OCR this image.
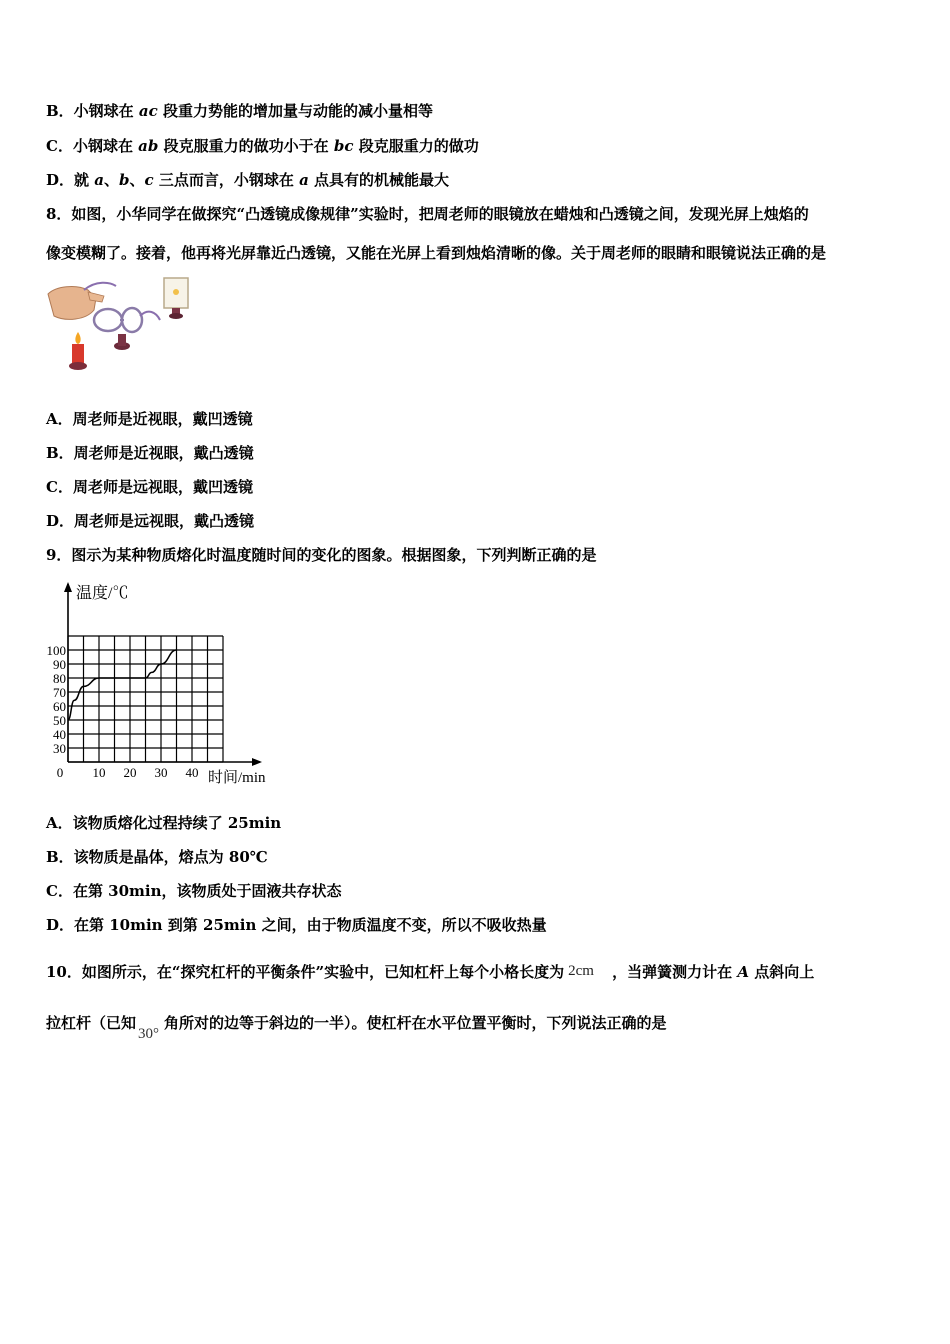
B．小钢球在 ac 段重力势能的增加量与动能的减小量相等
C．小钢球在 ab 段克服重力的做功小于在 bc 段克服重力的做功
D．就 a、b、c 三点而言，小钢球在 a 点具有的机械能最大
8．如图，小华同学在做探究“凸透镜成像规律”实验时，把周老师的眼镜放在蜡烛和凸透镜之间，发现光屏上烛焰的
像变模糊了。接着，他再将光屏靠近凸透镜，又能在光屏上看到烛焰清晰的像。关于周老师的眼睛和眼镜说法正确的是
A．周老师是近视眼，戴凹透镜
B．周老师是近视眼，戴凸透镜
C．周老师是远视眼，戴凹透镜
D．周老师是远视眼，戴凸透镜
9．图示为某种物质熔化时温度随时间的变化的图象。根据图象，下列判断正确的是
30
40
50
60
70
80
90
100
0 10 20 30 40
温度/℃
时间/min
A．该物质熔化过程持续了 25min
B．该物质是晶体，熔点为 80℃
C．在第 30min，该物质处于固液共存状态
D．在第 10min 到第 25min 之间，由于物质温度不变，所以不吸收热量
10．如图所示，在“探究杠杆的平衡条件”实验中，已知杠杆上每个小格长度为 2cm ，当弹簧测力计在 A 点斜向上
拉杠杆（已知
30°
角所对的边等于斜边的一半）。使杠杆在水平位置平衡时，下列说法正确的是
